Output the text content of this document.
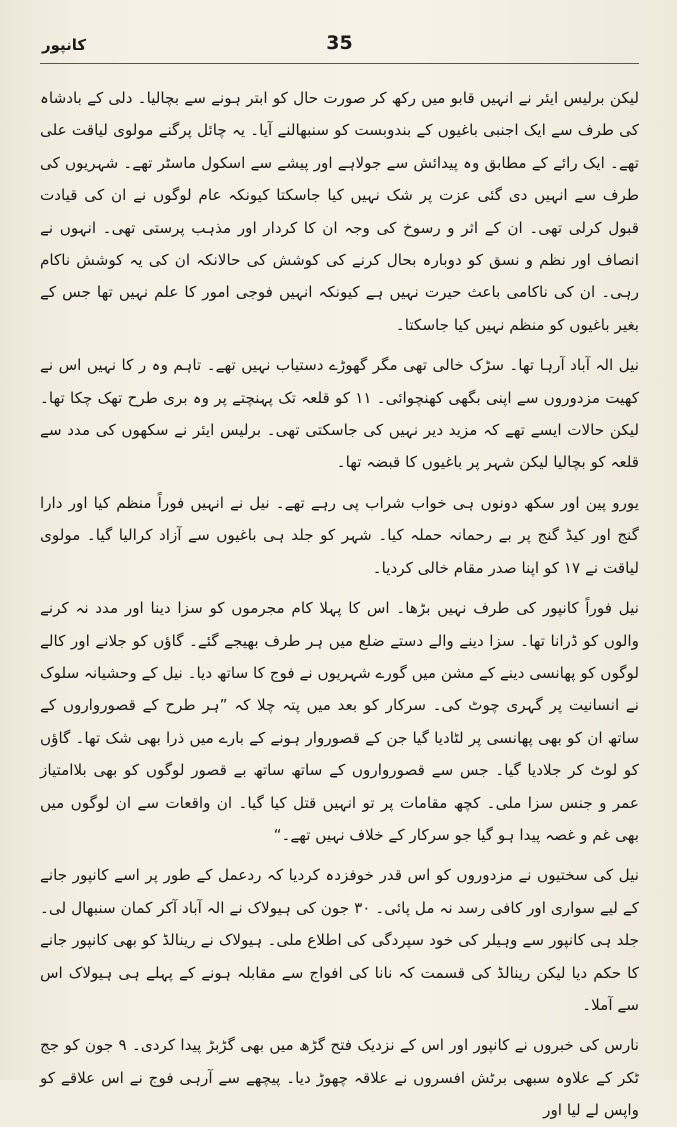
35
کانپور

لیکن برلیس ایئر نے انہیں قابو میں رکھ کر صورت حال کو ابتر ہونے سے بچالیا۔ دلی کے بادشاہ کی طرف سے ایک اجنبی باغیوں کے بندوبست کو سنبھالنے آیا۔ یہ چائل پرگنے مولوی لیاقت علی تھے۔ ایک رائے کے مطابق وہ پیدائش سے جولاہے اور پیشے سے اسکول ماسٹر تھے۔ شہریوں کی طرف سے انہیں دی گئی عزت پر شک نہیں کیا جاسکتا کیونکہ عام لوگوں نے ان کی قیادت قبول کرلی تھی۔ ان کے اثر و رسوخ کی وجہ ان کا کردار اور مذہب پرستی تھی۔ انہوں نے انصاف اور نظم و نسق کو دوبارہ بحال کرنے کی کوشش کی حالانکہ ان کی یہ کوشش ناکام رہی۔ ان کی ناکامی باعث حیرت نہیں ہے کیونکہ انہیں فوجی امور کا علم نہیں تھا جس کے بغیر باغیوں کو منظم نہیں کیا جاسکتا۔

نیل الہ آباد آرہا تھا۔ سڑک خالی تھی مگر گھوڑے دستیاب نہیں تھے۔ تاہم وہ ر کا نہیں اس نے کھیت مزدوروں سے اپنی بگھی کھنچوائی۔ ۱۱ کو قلعہ تک پہنچتے پر وہ بری طرح تھک چکا تھا۔ لیکن حالات ایسے تھے کہ مزید دیر نہیں کی جاسکتی تھی۔ برلیس ایئر نے سکھوں کی مدد سے قلعہ کو بچالیا لیکن شہر پر باغیوں کا قبضہ تھا۔

یورو پین اور سکھ دونوں ہی خواب شراب پی رہے تھے۔ نیل نے انہیں فوراً منظم کیا اور دارا گنج اور کیڈ گنج پر بے رحمانہ حملہ کیا۔ شہر کو جلد ہی باغیوں سے آزاد کرالیا گیا۔ مولوی لیاقت نے ۱۷ کو اپنا صدر مقام خالی کردیا۔

نیل فوراً کانپور کی طرف نہیں بڑھا۔ اس کا پہلا کام مجرموں کو سزا دینا اور مدد نہ کرنے والوں کو ڈرانا تھا۔ سزا دینے والے دستے ضلع میں ہر طرف بھیجے گئے۔ گاؤں کو جلانے اور کالے لوگوں کو پھانسی دینے کے مشن میں گورے شہریوں نے فوج کا ساتھ دیا۔ نیل کے وحشیانہ سلوک نے انسانیت پر گہری چوٹ کی۔ سرکار کو بعد میں پتہ چلا کہ ”ہر طرح کے قصورواروں کے ساتھ ان کو بھی پھانسی پر لٹادیا گیا جن کے قصوروار ہونے کے بارے میں ذرا بھی شک تھا۔ گاؤں کو لوٹ کر جلادیا گیا۔ جس سے قصورواروں کے ساتھ ساتھ بے قصور لوگوں کو بھی بلاامتیاز عمر و جنس سزا ملی۔ کچھ مقامات پر تو انہیں قتل کیا گیا۔ ان واقعات سے ان لوگوں میں بھی غم و غصہ پیدا ہو گیا جو سرکار کے خلاف نہیں تھے۔“

نیل کی سختیوں نے مزدوروں کو اس قدر خوفزدہ کردیا کہ ردعمل کے طور پر اسے کانپور جانے کے لیے سواری اور کافی رسد نہ مل پائی۔ ۳۰ جون کی ہیولاک نے الہ آباد آکر کمان سنبھال لی۔ جلد ہی کانپور سے وہیلر کی خود سپردگی کی اطلاع ملی۔ ہیولاک نے رینالڈ کو بھی کانپور جانے کا حکم دیا لیکن رینالڈ کی قسمت کہ نانا کی افواج سے مقابلہ ہونے کے پہلے ہی ہیولاک اس سے آملا۔

نارس کی خبروں نے کانپور اور اس کے نزدیک فتح گڑھ میں بھی گڑبڑ پیدا کردی۔ ۹ جون کو جج ٹکر کے علاوہ سبھی برٹش افسروں نے علاقہ چھوڑ دیا۔ پیچھے سے آرہی فوج نے اس علاقے کو واپس لے لیا اور
